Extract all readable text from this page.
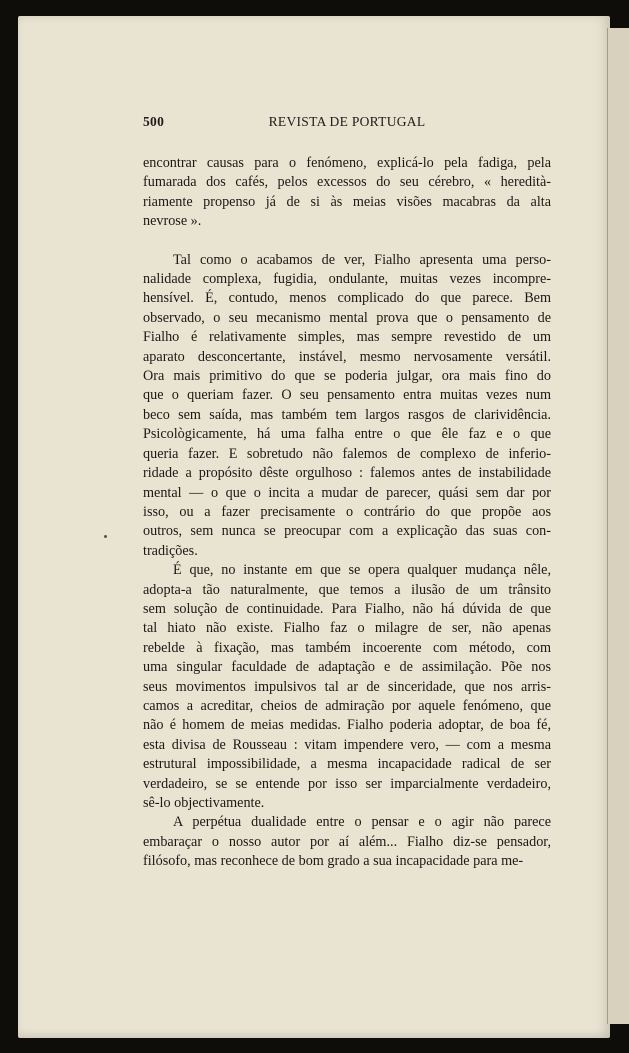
500	REVISTA DE PORTUGAL

encontrar causas para o fenómeno, explicá-lo pela fadiga, pela
fumarada dos cafés, pelos excessos do seu cérebro, « heredità-
riamente propenso já de si às meias visões macabras da alta
nevrose ».

Tal como o acabamos de ver, Fialho apresenta uma perso-
nalidade complexa, fugidia, ondulante, muitas vezes incompre-
hensível. É, contudo, menos complicado do que parece. Bem
observado, o seu mecanismo mental prova que o pensamento de
Fialho é relativamente simples, mas sempre revestido de um
aparato desconcertante, instável, mesmo nervosamente versátil.
Ora mais primitivo do que se poderia julgar, ora mais fino do
que o queriam fazer. O seu pensamento entra muitas vezes num
beco sem saída, mas também tem largos rasgos de clarividência.
Psicològicamente, há uma falha entre o que êle faz e o que
queria fazer. E sobretudo não falemos de complexo de inferio-
ridade a propósito dêste orgulhoso : falemos antes de instabilidade
mental — o que o incita a mudar de parecer, quási sem dar por
isso, ou a fazer precisamente o contrário do que propõe aos
outros, sem nunca se preocupar com a explicação das suas con-
tradições.

É que, no instante em que se opera qualquer mudança nêle,
adopta-a tão naturalmente, que temos a ilusão de um trânsito
sem solução de continuidade. Para Fialho, não há dúvida de que
tal hiato não existe. Fialho faz o milagre de ser, não apenas
rebelde à fixação, mas também incoerente com método, com
uma singular faculdade de adaptação e de assimilação. Põe nos
seus movimentos impulsivos tal ar de sinceridade, que nos arris-
camos a acreditar, cheios de admiração por aquele fenómeno, que
não é homem de meias medidas. Fialho poderia adoptar, de boa fé,
esta divisa de Rousseau : vitam impendere vero, — com a mesma
estrutural impossibilidade, a mesma incapacidade radical de ser
verdadeiro, se se entende por isso ser imparcialmente verdadeiro,
sê-lo objectivamente.

A perpétua dualidade entre o pensar e o agir não parece
embaraçar o nosso autor por aí além... Fialho diz-se pensador,
filósofo, mas reconhece de bom grado a sua incapacidade para me-
